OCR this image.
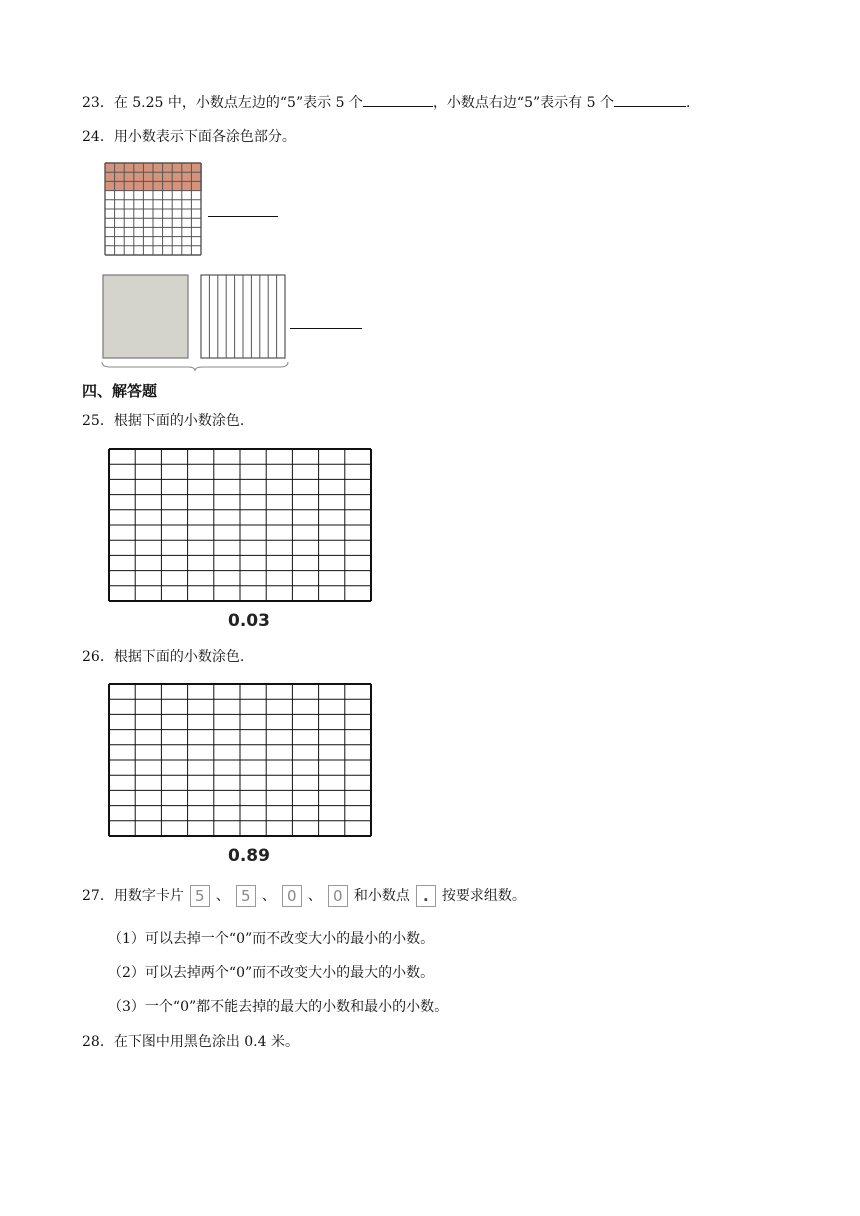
23．在 5.25 中，小数点左边的“5”表示 5 个	，小数点右边“5”表示有 5 个	．
24．用小数表示下面各涂色部分。
四、解答题
25．根据下面的小数涂色.
0.03
26．根据下面的小数涂色.
0.89
27．用数字卡片 5 、 5 、 0 、 0 和小数点 . 按要求组数。
（1）可以去掉一个“0”而不改变大小的最小的小数。
（2）可以去掉两个“0”而不改变大小的最大的小数。
（3）一个“0”都不能去掉的最大的小数和最小的小数。
28．在下图中用黑色涂出 0.4 米。
